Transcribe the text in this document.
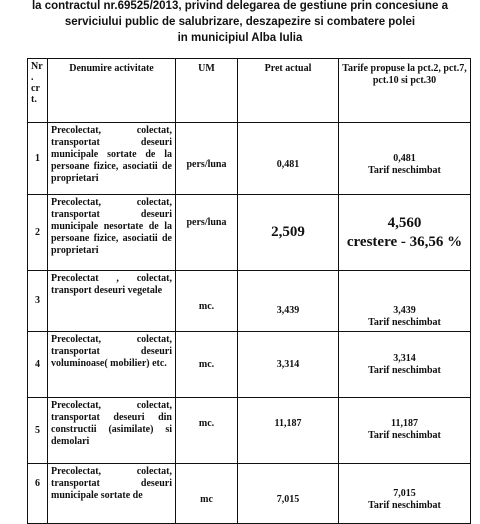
la contractul nr.69525/2013, privind delegarea de gestiune prin concesiune a
serviciului public de salubrizare, deszapezire si combatere polei
in municipiul Alba Iulia
Nr
.
cr
t.	Denumire activitate	UM	Pret actual	Tarife propuse la pct.2, pct.7, pct.10 si pct.30
1	Precolectat, colectat, transportat deseuri municipale sortate de la persoane fizice, asociatii de proprietari	pers/luna	0,481	0,481
Tarif neschimbat

2	Precolectat, colectat, transportat deseuri municipale nesortate de la persoane fizice, asociatii de proprietari	pers/luna	2,509	4,560
crestere - 36,56 %

3	Precolectat , colectat, transport deseuri vegetale	mc.	3,439	3,439
Tarif neschimbat

4	Precolectat, colectat, transportat deseuri voluminoase( mobilier) etc.	mc.	3,314	3,314
Tarif neschimbat

5	Precolectat, colectat, transportat deseuri din constructii (asimilate) si demolari	mc.	11,187	11,187
Tarif neschimbat

6	Precolectat, colectat, transportat deseuri municipale sortate de	mc	7,015	7,015
Tarif neschimbat
